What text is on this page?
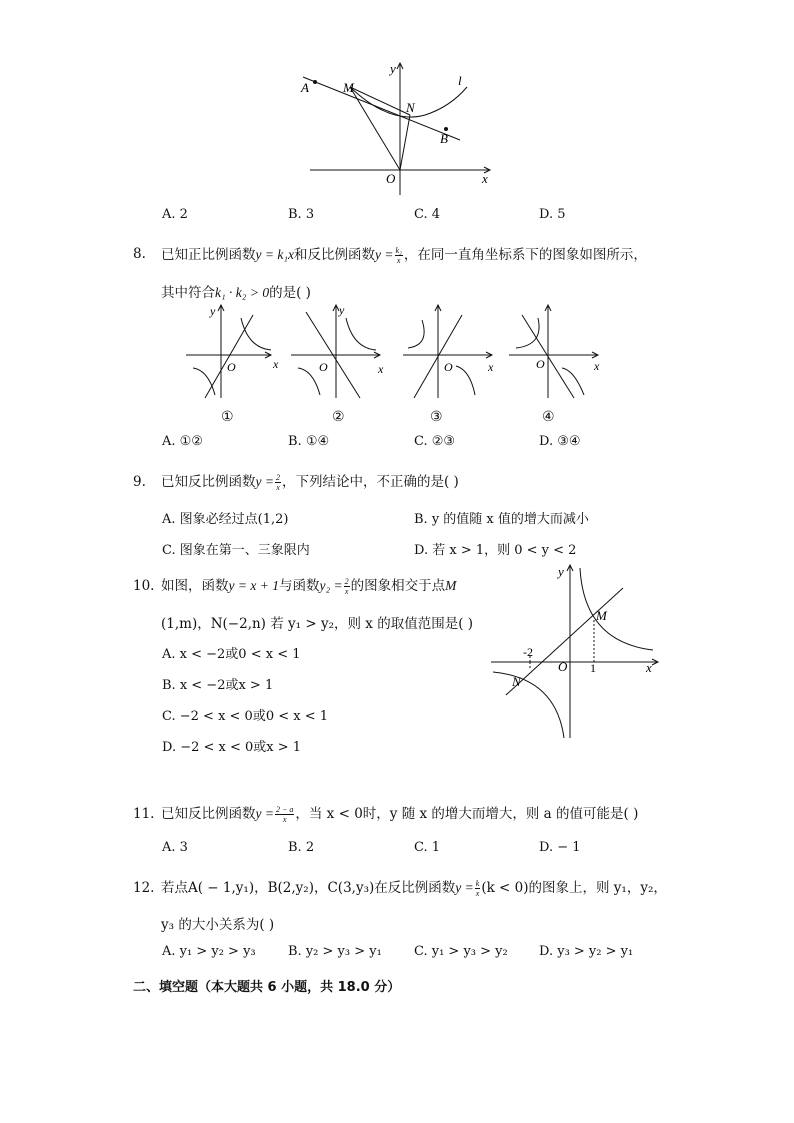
A	M
N
B
O
l
x
y
A. 2	B. 3	C. 4	D. 5
8. 已知正比例函数y = k₁x和反比例函数$y = \frac{\text{k₂}}{x}$ ，在同一直角坐标系下的图象如图所示，
其中符合k₁ · k₂ > 0的是( )
y
x
O
y
x
O	O	x	O	x
①	②	③	④
A. ①②	B. ①④	C. ②③	D. ③④
9. 已知反比例函数$y = \frac{2}{x}$ ，下列结论中，不正确的是( )
A. 图象必经过点(1,2)	B. y 的值随 x 值的增大而减小
C. 图象在第一、三象限内	D. 若 x > 1，则 0 < y < 2
10. 如图，函数y = x + 1与函数$y_2 = \frac{2}{x}$ 的图象相交于点M
(1,m)，N(−2,n) 若 y₁ > y₂，则 x 的取值范围是( )
A. x < −2或0 < x < 1
B. x < −2或x > 1
C. −2 < x < 0或0 < x < 1
D. −2 < x < 0或x > 1
y
x
O
M
N
-2
1
11. 已知反比例函数$y = \frac{2 - a}{x}$ ，当 x < 0时，y 随 x 的增大而增大，则 a 的值可能是( )
A. 3	B. 2	C. 1	D. − 1
12. 若点A( − 1,y₁)，B(2,y₂)，C(3,y₃)在反比例函数$y = \frac{k}{x} (k < 0)$的图象上，则 y₁，y₂，
y₃ 的大小关系为( )
A. y₁ > y₂ > y₃ B. y₂ > y₃ > y₁ C. y₁ > y₃ > y₂ D. y₃ > y₂ > y₁
二、填空题（本大题共 6 小题，共 18.0 分）
